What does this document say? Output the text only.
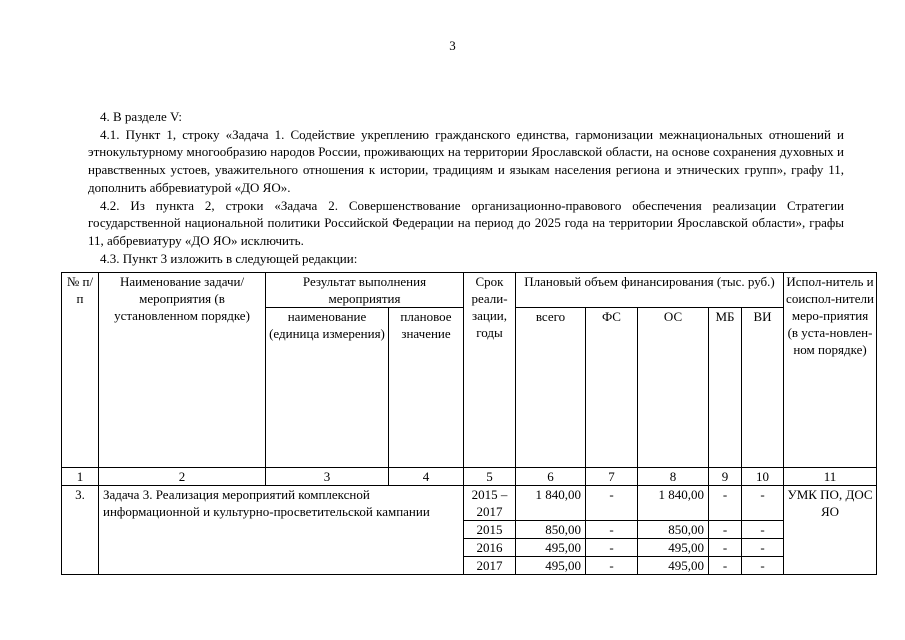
3

4. В разделе V:

4.1. Пункт 1, строку «Задача 1. Содействие укреплению гражданского единства, гармонизации межнациональных отношений и этнокультурному многообразию народов России, проживающих на территории Ярославской области, на основе сохранения духовных и нравственных устоев, уважительного отношения к истории, традициям и языкам населения региона и этнических групп», графу 11, дополнить аббревиатурой «ДО ЯО».

4.2. Из пункта 2, строки «Задача 2. Совершенствование организационно-правового обеспечения реализации Стратегии государственной национальной политики Российской Федерации на период до 2025 года на территории Ярославской области», графы 11, аббревиатуру «ДО ЯО» исключить.

4.3. Пункт 3 изложить в следующей редакции:

№ п/п	Наименование задачи/мероприятия (в установленном порядке)	Результат выполнения мероприятия		Срок реали-зации, годы	Плановый объем финансирования (тыс. руб.)					Испол-нитель и соиспол-нители меро-приятия (в уста-новлен-ном порядке)
		наименование (единица измерения)	плановое значение		всего	ФС	ОС	МБ	ВИ	
1	2	3	4	5	6	7	8	9	10	11
3.	Задача 3. Реализация мероприятий комплексной информационной и культурно-просветительской кампании			2015 – 2017	1 840,00	-	1 840,00	-	-	УМК ПО, ДОС ЯО
				2015	850,00	-	850,00	-	-	
				2016	495,00	-	495,00	-	-	
				2017	495,00	-	495,00	-	-	
